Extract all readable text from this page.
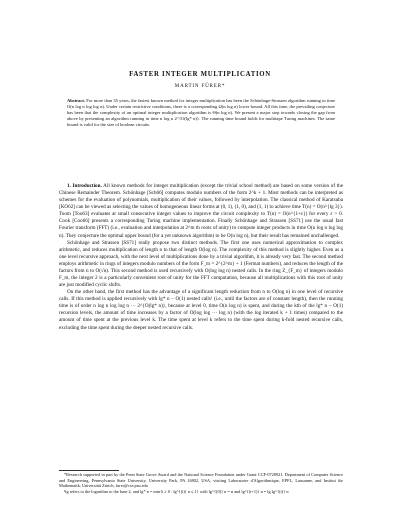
FASTER INTEGER MULTIPLICATION
MARTIN FÜRER*
Abstract. For more than 35 years, the fastest known method for integer multiplication has been the Schönhage-Strassen algorithm running in time O(n log n log log n). Under certain restrictive conditions, there is a corresponding Ω(n log n) lower bound. All this time, the prevailing conjecture has been that the complexity of an optimal integer multiplication algorithm is Θ(n log n). We present a major step towards closing the gap from above by presenting an algorithm running in time n log n 2^{O(lg* n)}. The running time bound holds for multitape Turing machines. The same bound is valid for the size of boolean circuits.

1. Introduction. All known methods for integer multiplication (except the trivial school method) are based on some version of the Chinese Remainder Theorem. Schönhage [Sch66] computes modulo numbers of the form 2^k + 1. Most methods can be interpreted as schemes for the evaluation of polynomials, multiplication of their values, followed by interpolation. The classical method of Karatsuba [KO62] can be viewed as selecting the values of homogeneous linear forms at (0, 1), (1, 0), and (1, 1) to achieve time T(n) = O(n^{lg 3}). Toom [Too63] evaluates at small consecutive integer values to improve the circuit complexity to T(n) = O(n^{1+ε}) for every ε > 0. Cook [Coo66] presents a corresponding Turing machine implementation. Finally Schönhage and Strassen [SS71] use the usual fast Fourier transform (FFT) (i.e., evaluation and interpolation at 2^m th roots of unity) to compute integer products in time O(n log n log log n). They conjecture the optimal upper bound (for a yet unknown algorithm) to be O(n log n), but their result has remained unchallenged.

Schönhage and Strassen [SS71] really propose two distinct methods. The first one uses numerical approximation to complex arithmetic, and reduces multiplication of length n to that of length O(log n). The complexity of this method is slightly higher. Even as a one level recursive approach, with the next level of multiplications done by a trivial algorithm, it is already very fast. The second method employs arithmetic in rings of integers modulo numbers of the form F_m = 2^{2^m} + 1 (Fermat numbers), and reduces the length of the factors from n to O(√n). This second method is used recursively with O(log log n) nested calls. In the ring Z_{F_m} of integers modulo F_m, the integer 2 is a particularly convenient root of unity for the FFT computation, because all multiplications with this root of unity are just modified cyclic shifts.

On the other hand, the first method has the advantage of a significant length reduction from n to O(log n) in one level of recursive calls. If this method is applied recursively with lg* n − O(1) nested calls¹ (i.e., until the factors are of constant length), then the running time is of order n log n log log n ··· 2^{O(lg* n)}, because at level 0, time O(n log n) is spent, and during the kth of the lg* n − O(1) recursion levels, the amount of time increases by a factor of O(log log ··· log n) (with the log iterated k + 1 times) compared to the amount of time spent at the previous level k. The time spent at level k refers to the time spent during k-fold nested recursive calls, excluding the time spent during the deeper nested recursive calls.

*Research supported in part by the Penn State Grove Award and the National Science Foundation under Grant CCF-0728921. Department of Computer Science and Engineering, Pennsylvania State University, University Park, PA 16802, USA, visiting Laboratoire d'Algorithmique, EPFL, Lausanne, and Institut für Mathematik, Universität Zürich, furer@cse.psu.edu

¹lg refers to the logarithm to the base 2, and lg* n = min{i ≥ 0 : lg^{(i)} n ≤ 1} with lg^{(0)} n = n and lg^{(i+1)} n = lg lg^{(i)} n
